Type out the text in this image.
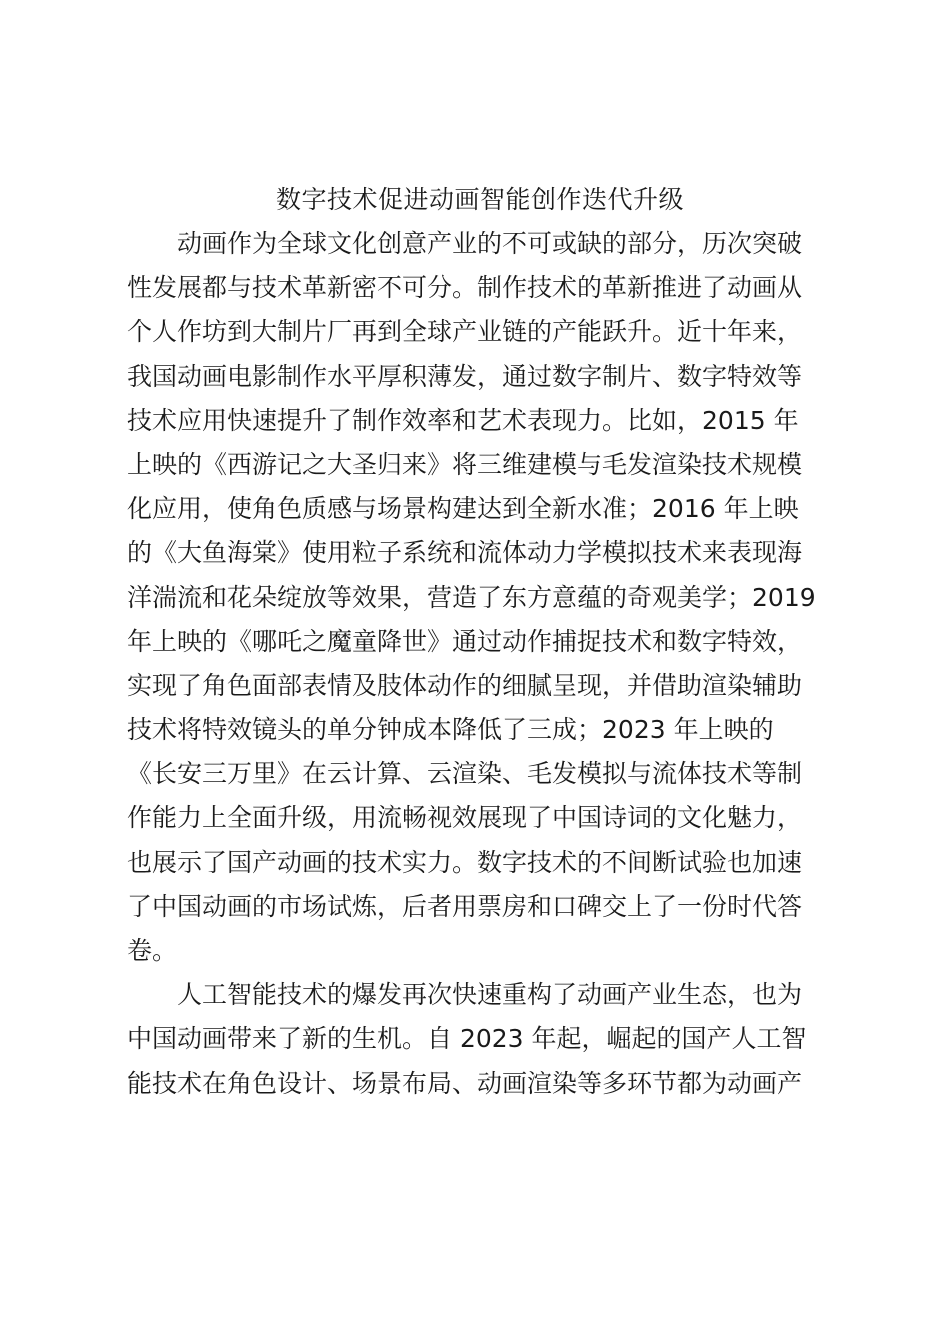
数字技术促进动画智能创作迭代升级

　　动画作为全球文化创意产业的不可或缺的部分，历次突破
性发展都与技术革新密不可分。制作技术的革新推进了动画从
个人作坊到大制片厂再到全球产业链的产能跃升。近十年来，
我国动画电影制作水平厚积薄发，通过数字制片、数字特效等
技术应用快速提升了制作效率和艺术表现力。比如，2015 年
上映的《西游记之大圣归来》将三维建模与毛发渲染技术规模
化应用，使角色质感与场景构建达到全新水准；2016 年上映
的《大鱼海棠》使用粒子系统和流体动力学模拟技术来表现海
洋湍流和花朵绽放等效果，营造了东方意蕴的奇观美学；2019
年上映的《哪吒之魔童降世》通过动作捕捉技术和数字特效，
实现了角色面部表情及肢体动作的细腻呈现，并借助渲染辅助
技术将特效镜头的单分钟成本降低了三成；2023 年上映的
《长安三万里》在云计算、云渲染、毛发模拟与流体技术等制
作能力上全面升级，用流畅视效展现了中国诗词的文化魅力，
也展示了国产动画的技术实力。数字技术的不间断试验也加速
了中国动画的市场试炼，后者用票房和口碑交上了一份时代答
卷。

　　人工智能技术的爆发再次快速重构了动画产业生态，也为
中国动画带来了新的生机。自 2023 年起，崛起的国产人工智
能技术在角色设计、场景布局、动画渲染等多环节都为动画产
